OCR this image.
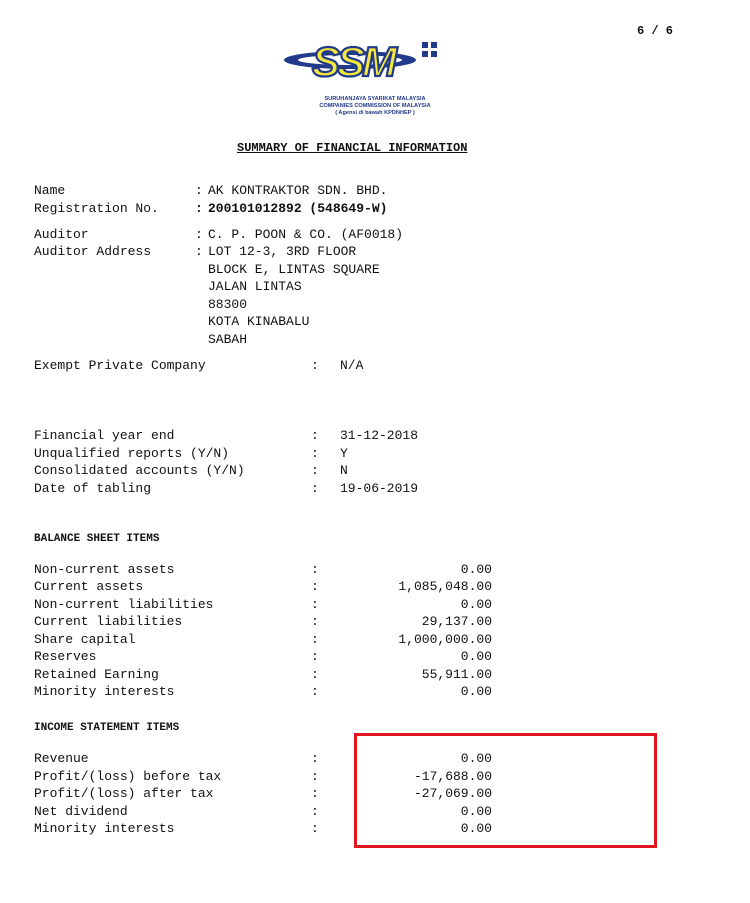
6 / 6
SSM
SURUHANJAYA SYARIKAT MALAYSIA
COMPANIES COMMISSION OF MALAYSIA
( Agensi di bawah KPDNHEP )
SUMMARY OF FINANCIAL INFORMATION
Name	: AK KONTRAKTOR SDN. BHD.
Registration No.	: 200101012892 (548649-W)
Auditor	: C. P. POON & CO. (AF0018)
Auditor Address	: LOT 12-3, 3RD FLOOR
BLOCK E, LINTAS SQUARE
JALAN LINTAS
88300
KOTA KINABALU
SABAH
Exempt Private Company	: N/A
Financial year end	: 31-12-2018
Unqualified reports (Y/N)	: Y
Consolidated accounts (Y/N)	: N
Date of tabling	: 19-06-2019
BALANCE SHEET ITEMS
Non-current assets	:	0.00
Current assets	:	1,085,048.00
Non-current liabilities	:	0.00
Current liabilities	:	29,137.00
Share capital	:	1,000,000.00
Reserves	:	0.00
Retained Earning	:	55,911.00
Minority interests	:	0.00
INCOME STATEMENT ITEMS
Revenue	:	0.00
Profit/(loss) before tax	:	-17,688.00
Profit/(loss) after tax	:	-27,069.00
Net dividend	:	0.00
Minority interests	:	0.00
